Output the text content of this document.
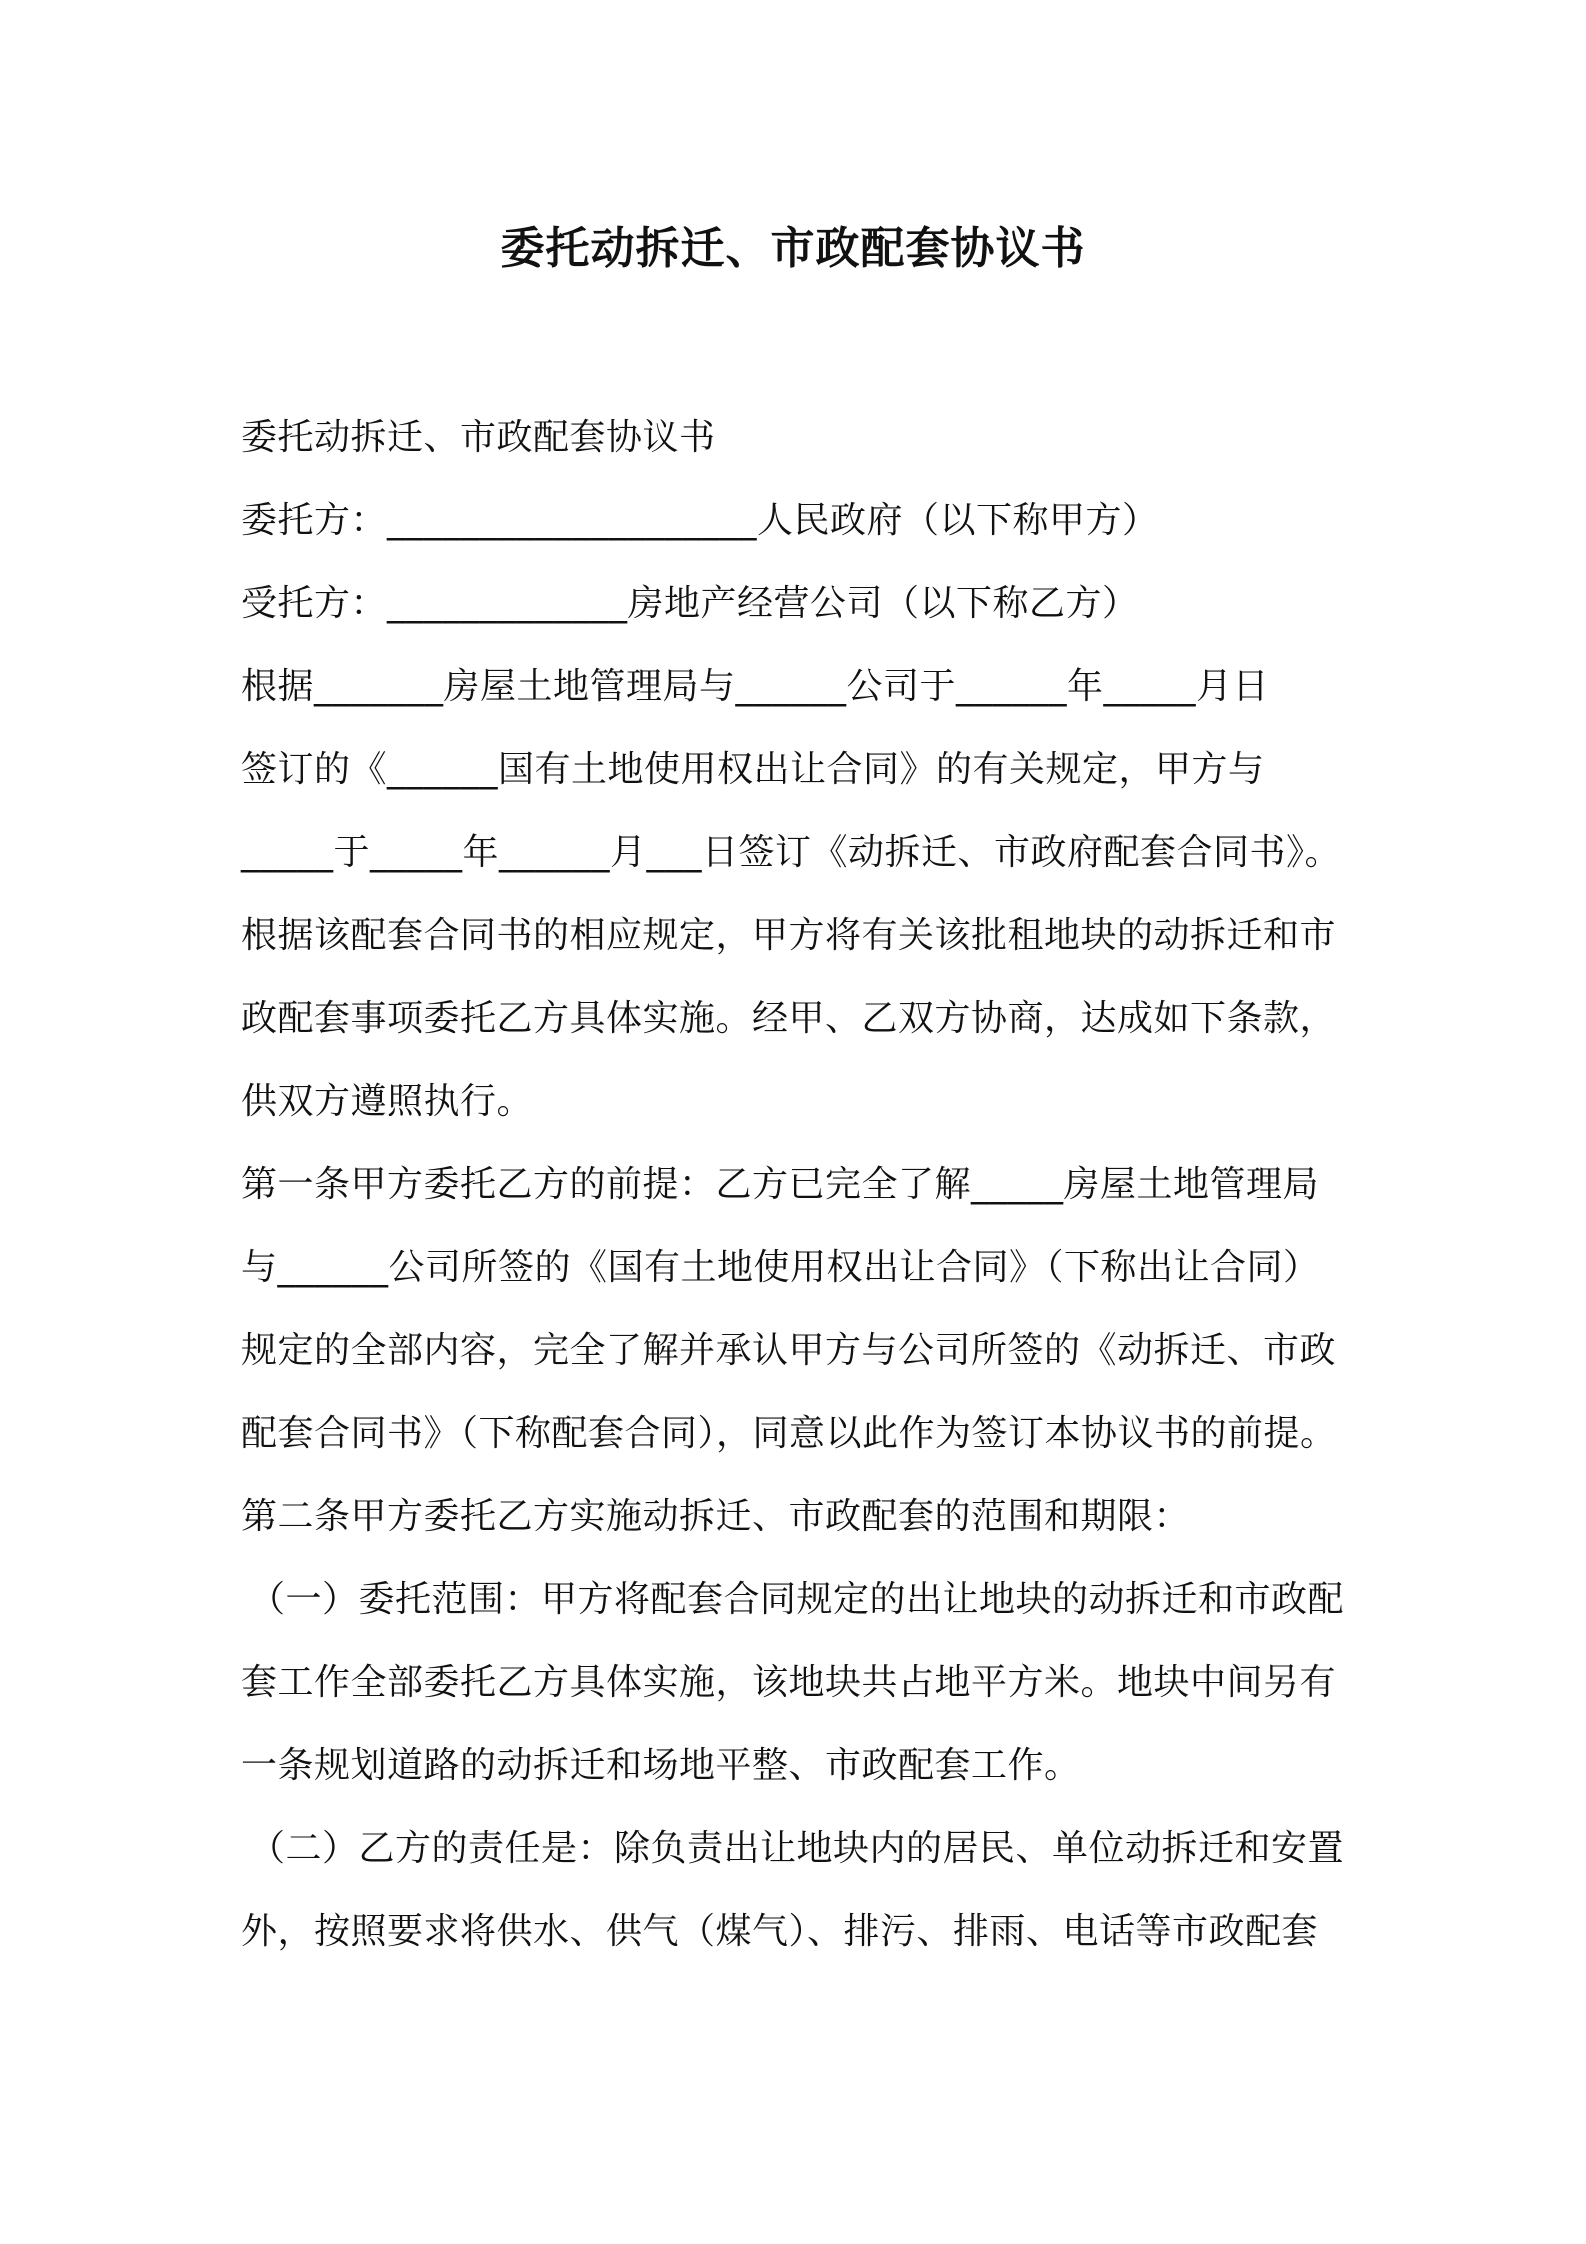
委托动拆迁、市政配套协议书
委托动拆迁、市政配套协议书
委托方：____________________人民政府（以下称甲方）
受托方：_____________房地产经营公司（以下称乙方）
根据_______房屋土地管理局与______公司于______年_____月日
签订的《______国有土地使用权出让合同》的有关规定，甲方与
_____于_____年______月___日签订《动拆迁、市政府配套合同书》。
根据该配套合同书的相应规定，甲方将有关该批租地块的动拆迁和市
政配套事项委托乙方具体实施。经甲、乙双方协商，达成如下条款，
供双方遵照执行。
第一条甲方委托乙方的前提：乙方已完全了解_____房屋土地管理局
与______公司所签的《国有土地使用权出让合同》（下称出让合同）
规定的全部内容，完全了解并承认甲方与公司所签的《动拆迁、市政
配套合同书》（下称配套合同），同意以此作为签订本协议书的前提。
第二条甲方委托乙方实施动拆迁、市政配套的范围和期限：
（一）委托范围：甲方将配套合同规定的出让地块的动拆迁和市政配
套工作全部委托乙方具体实施，该地块共占地平方米。地块中间另有
一条规划道路的动拆迁和场地平整、市政配套工作。
（二）乙方的责任是：除负责出让地块内的居民、单位动拆迁和安置
外，按照要求将供水、供气（煤气）、排污、排雨、电话等市政配套
